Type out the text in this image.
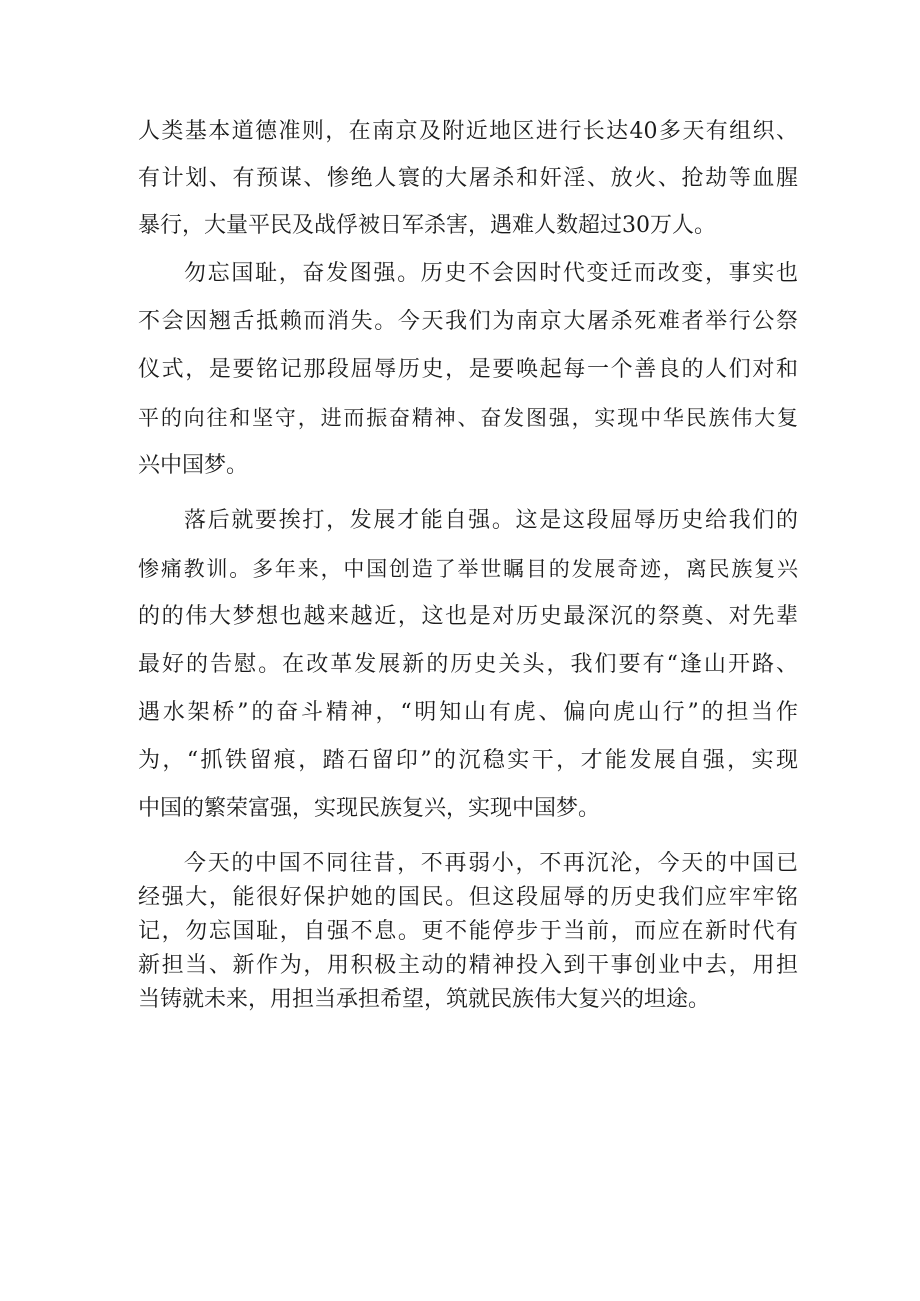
人类基本道德准则，在南京及附近地区进行长达40多天有组织、
有计划、有预谋、惨绝人寰的大屠杀和奸淫、放火、抢劫等血腥
暴行，大量平民及战俘被日军杀害，遇难人数超过30万人。
勿忘国耻，奋发图强。历史不会因时代变迁而改变，事实也
不会因翘舌抵赖而消失。今天我们为南京大屠杀死难者举行公祭
仪式，是要铭记那段屈辱历史，是要唤起每一个善良的人们对和
平的向往和坚守，进而振奋精神、奋发图强，实现中华民族伟大复
兴中国梦。
落后就要挨打，发展才能自强。这是这段屈辱历史给我们的
惨痛教训。多年来，中国创造了举世瞩目的发展奇迹，离民族复兴
的的伟大梦想也越来越近，这也是对历史最深沉的祭奠、对先辈
最好的告慰。在改革发展新的历史关头，我们要有“逢山开路、
遇水架桥”的奋斗精神，“明知山有虎、偏向虎山行”的担当作
为，“抓铁留痕，踏石留印”的沉稳实干，才能发展自强，实现
中国的繁荣富强，实现民族复兴，实现中国梦。
今天的中国不同往昔，不再弱小，不再沉沦，今天的中国已
经强大，能很好保护她的国民。但这段屈辱的历史我们应牢牢铭
记，勿忘国耻，自强不息。更不能停步于当前，而应在新时代有
新担当、新作为，用积极主动的精神投入到干事创业中去，用担
当铸就未来，用担当承担希望，筑就民族伟大复兴的坦途。
